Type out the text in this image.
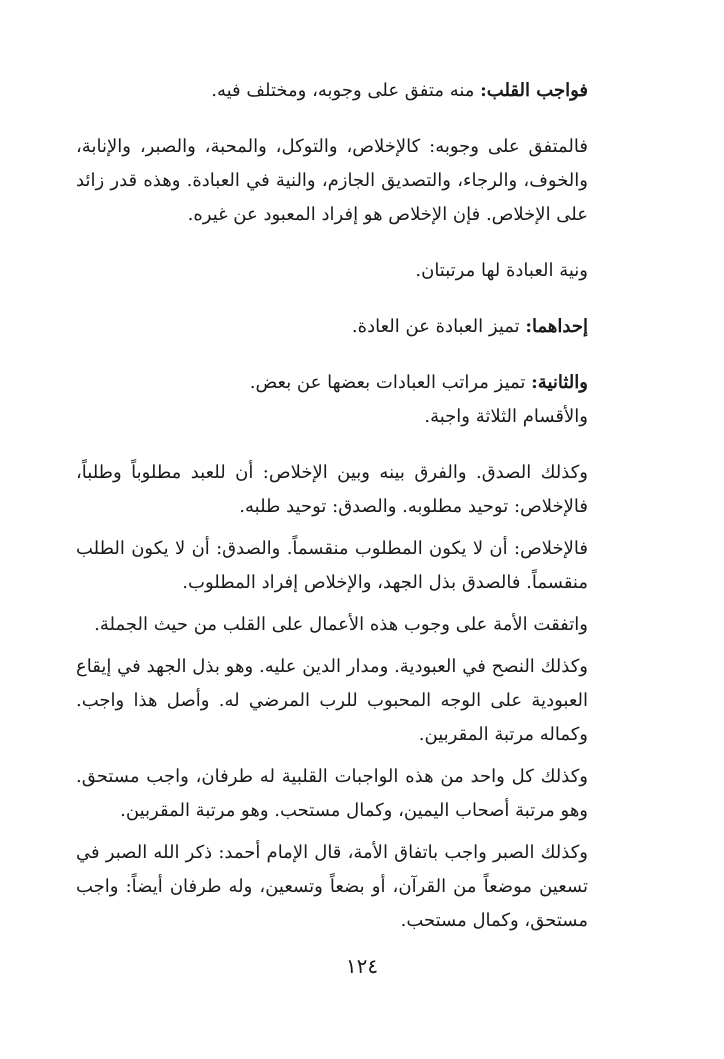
فواجب القلب: منه متفق على وجوبه، ومختلف فيه.

فالمتفق على وجوبه: كالإخلاص، والتوكل، والمحبة، والصبر، والإنابة، والخوف، والرجاء، والتصديق الجازم، والنية في العبادة. وهذه قدر زائد على الإخلاص. فإن الإخلاص هو إفراد المعبود عن غيره.

ونية العبادة لها مرتبتان.

إحداهما: تميز العبادة عن العادة.

والثانية: تميز مراتب العبادات بعضها عن بعض.

والأقسام الثلاثة واجبة.

وكذلك الصدق. والفرق بينه وبين الإخلاص: أن للعبد مطلوباً وطلباً، فالإخلاص: توحيد مطلوبه. والصدق: توحيد طلبه.

فالإخلاص: أن لا يكون المطلوب منقسماً. والصدق: أن لا يكون الطلب منقسماً. فالصدق بذل الجهد، والإخلاص إفراد المطلوب.

واتفقت الأمة على وجوب هذه الأعمال على القلب من حيث الجملة.

وكذلك النصح في العبودية. ومدار الدين عليه. وهو بذل الجهد في إيقاع العبودية على الوجه المحبوب للرب المرضي له. وأصل هذا واجب. وكماله مرتبة المقربين.

وكذلك كل واحد من هذه الواجبات القلبية له طرفان، واجب مستحق. وهو مرتبة أصحاب اليمين، وكمال مستحب. وهو مرتبة المقربين.

وكذلك الصبر واجب باتفاق الأمة، قال الإمام أحمد: ذكر الله الصبر في تسعين موضعاً من القرآن، أو بضعاً وتسعين، وله طرفان أيضاً: واجب مستحق، وكمال مستحب.

١٢٤
